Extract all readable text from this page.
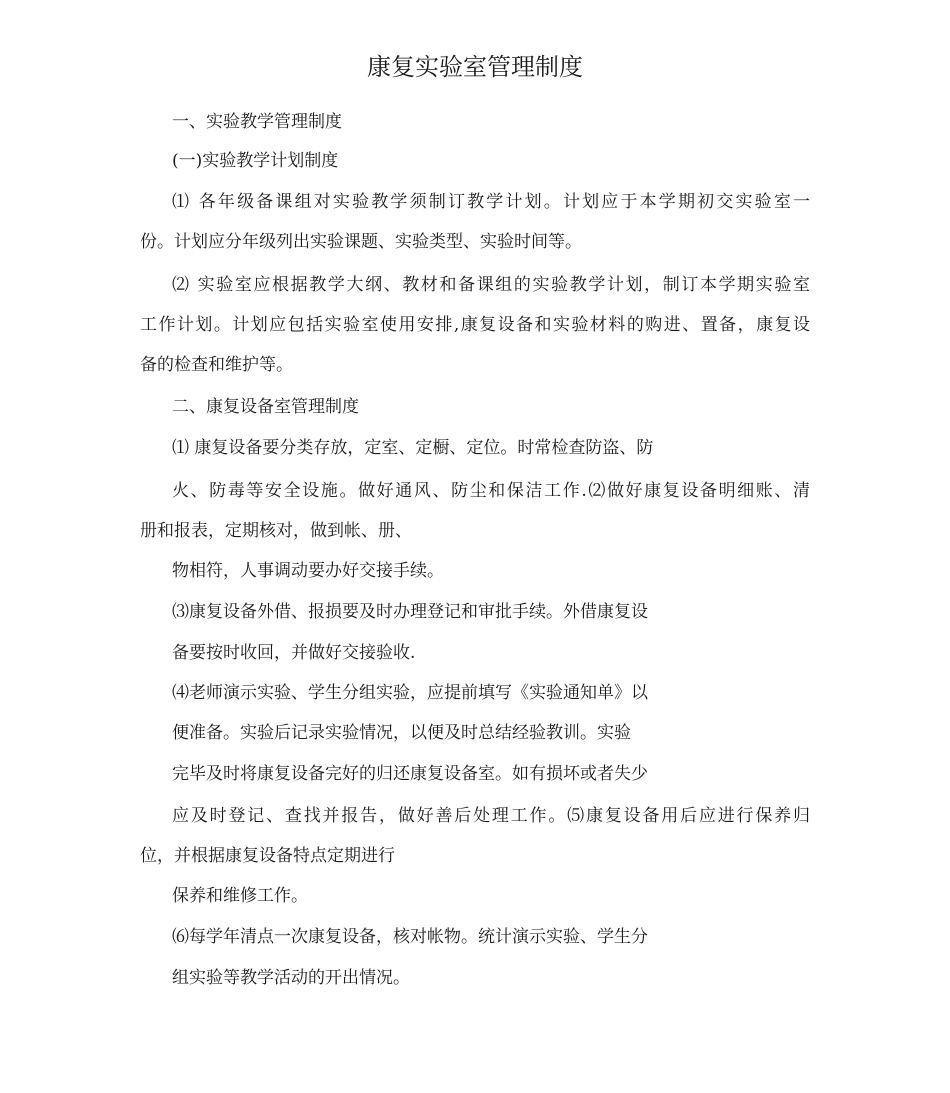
康复实验室管理制度
一、实验教学管理制度
(一)实验教学计划制度
⑴ 各年级备课组对实验教学须制订教学计划。计划应于本学期初交实验室一
份。计划应分年级列出实验课题、实验类型、实验时间等。
⑵ 实验室应根据教学大纲、教材和备课组的实验教学计划，制订本学期实验室
工作计划。计划应包括实验室使用安排,康复设备和实验材料的购进、置备，康复设
备的检查和维护等。
二、康复设备室管理制度
⑴ 康复设备要分类存放，定室、定橱、定位。时常检查防盗、防
火、防毒等安全设施。做好通风、防尘和保洁工作.⑵做好康复设备明细账、清
册和报表，定期核对，做到帐、册、
物相符，人事调动要办好交接手续。
⑶康复设备外借、报损要及时办理登记和审批手续。外借康复设
备要按时收回，并做好交接验收.
⑷老师演示实验、学生分组实验，应提前填写《实验通知单》以
便准备。实验后记录实验情况，以便及时总结经验教训。实验
完毕及时将康复设备完好的归还康复设备室。如有损坏或者失少
应及时登记、查找并报告，做好善后处理工作。⑸康复设备用后应进行保养归
位，并根据康复设备特点定期进行
保养和维修工作。
⑹每学年清点一次康复设备，核对帐物。统计演示实验、学生分
组实验等教学活动的开出情况。
